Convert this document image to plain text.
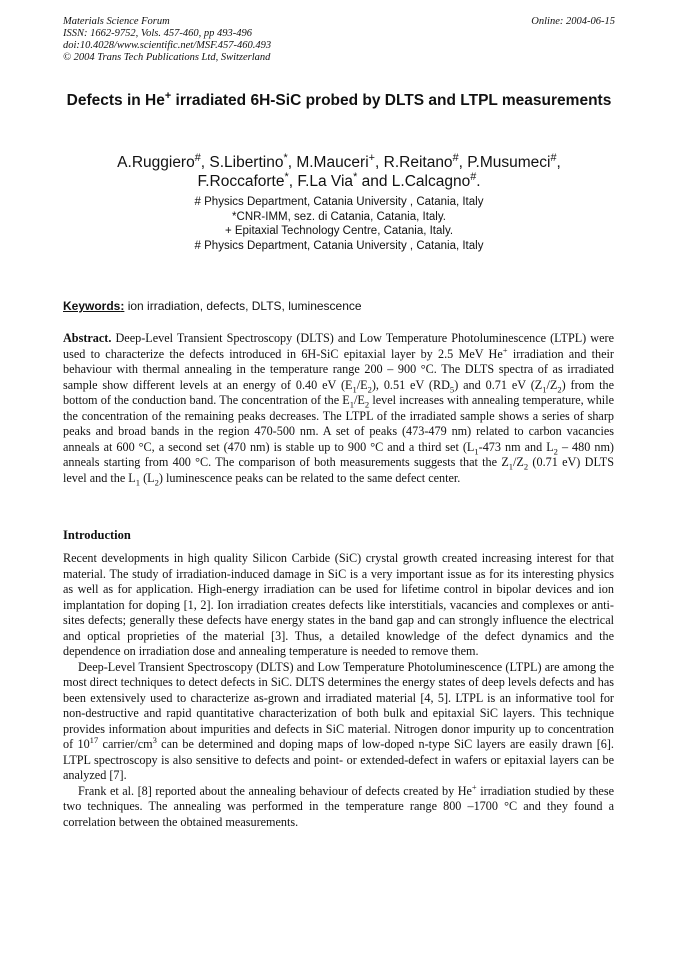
Materials Science Forum
ISSN: 1662-9752, Vols. 457-460, pp 493-496
doi:10.4028/www.scientific.net/MSF.457-460.493
© 2004 Trans Tech Publications Ltd, Switzerland
Online: 2004-06-15
Defects in He+ irradiated 6H-SiC probed by DLTS and LTPL measurements
A.Ruggiero#, S.Libertino*, M.Mauceri+, R.Reitano#, P.Musumeci#,
F.Roccaforte*, F.La Via* and L.Calcagno#.
# Physics Department, Catania University , Catania, Italy
*CNR-IMM, sez. di Catania, Catania, Italy.
+ Epitaxial Technology Centre, Catania, Italy.
# Physics Department, Catania University , Catania, Italy
Keywords: ion irradiation, defects, DLTS, luminescence
Abstract. Deep-Level Transient Spectroscopy (DLTS) and Low Temperature Photoluminescence (LTPL) were used to characterize the defects introduced in 6H-SiC epitaxial layer by 2.5 MeV He+ irradiation and their behaviour with thermal annealing in the temperature range 200 – 900 °C. The DLTS spectra of as irradiated sample show different levels at an energy of 0.40 eV $(E_1/E_2)$, 0.51 eV $(RD_5)$ and 0.71 eV $(Z_1/Z_2)$ from the bottom of the conduction band. The concentration of the $E_1/E_2$ level increases with annealing temperature, while the concentration of the remaining peaks decreases. The LTPL of the irradiated sample shows a series of sharp peaks and broad bands in the region 470-500 nm. A set of peaks (473-479 nm) related to carbon vacancies anneals at 600 °C, a second set (470 nm) is stable up to 900 °C and a third set ($L_1-473$ nm and $L_2 - 480$ nm) anneals starting from 400 °C. The comparison of both measurements suggests that the $Z_1/Z_2$ (0.71 eV) DLTS level and the $L_1$ $(L_2)$ luminescence peaks can be related to the same defect center.
Introduction

Recent developments in high quality Silicon Carbide (SiC) crystal growth created increasing interest for that material. The study of irradiation-induced damage in SiC is a very important issue as for its interesting physics as well as for application. High-energy irradiation can be used for lifetime control in bipolar devices and ion implantation for doping [1, 2]. Ion irradiation creates defects like interstitials, vacancies and complexes or anti-sites defects; generally these defects have energy states in the band gap and can strongly influence the electrical and optical proprieties of the material [3]. Thus, a detailed knowledge of the defect dynamics and the dependence on irradiation dose and annealing temperature is needed to remove them.

Deep-Level Transient Spectroscopy (DLTS) and Low Temperature Photoluminescence (LTPL) are among the most direct techniques to detect defects in SiC. DLTS determines the energy states of deep levels defects and has been extensively used to characterize as-grown and irradiated material [4, 5]. LTPL is an informative tool for non-destructive and rapid quantitative characterization of both bulk and epitaxial SiC layers. This technique provides information about impurities and defects in SiC material. Nitrogen donor impurity up to concentration of $10^{17}$ carrier/$cm^3$ can be determined and doping maps of low-doped n-type SiC layers are easily drawn [6]. LTPL spectroscopy is also sensitive to defects and point- or extended-defect in wafers or epitaxial layers can be analyzed [7].

Frank et al. [8] reported about the annealing behaviour of defects created by He+ irradiation studied by these two techniques. The annealing was performed in the temperature range 800 –1700 °C and they found a correlation between the obtained measurements.
